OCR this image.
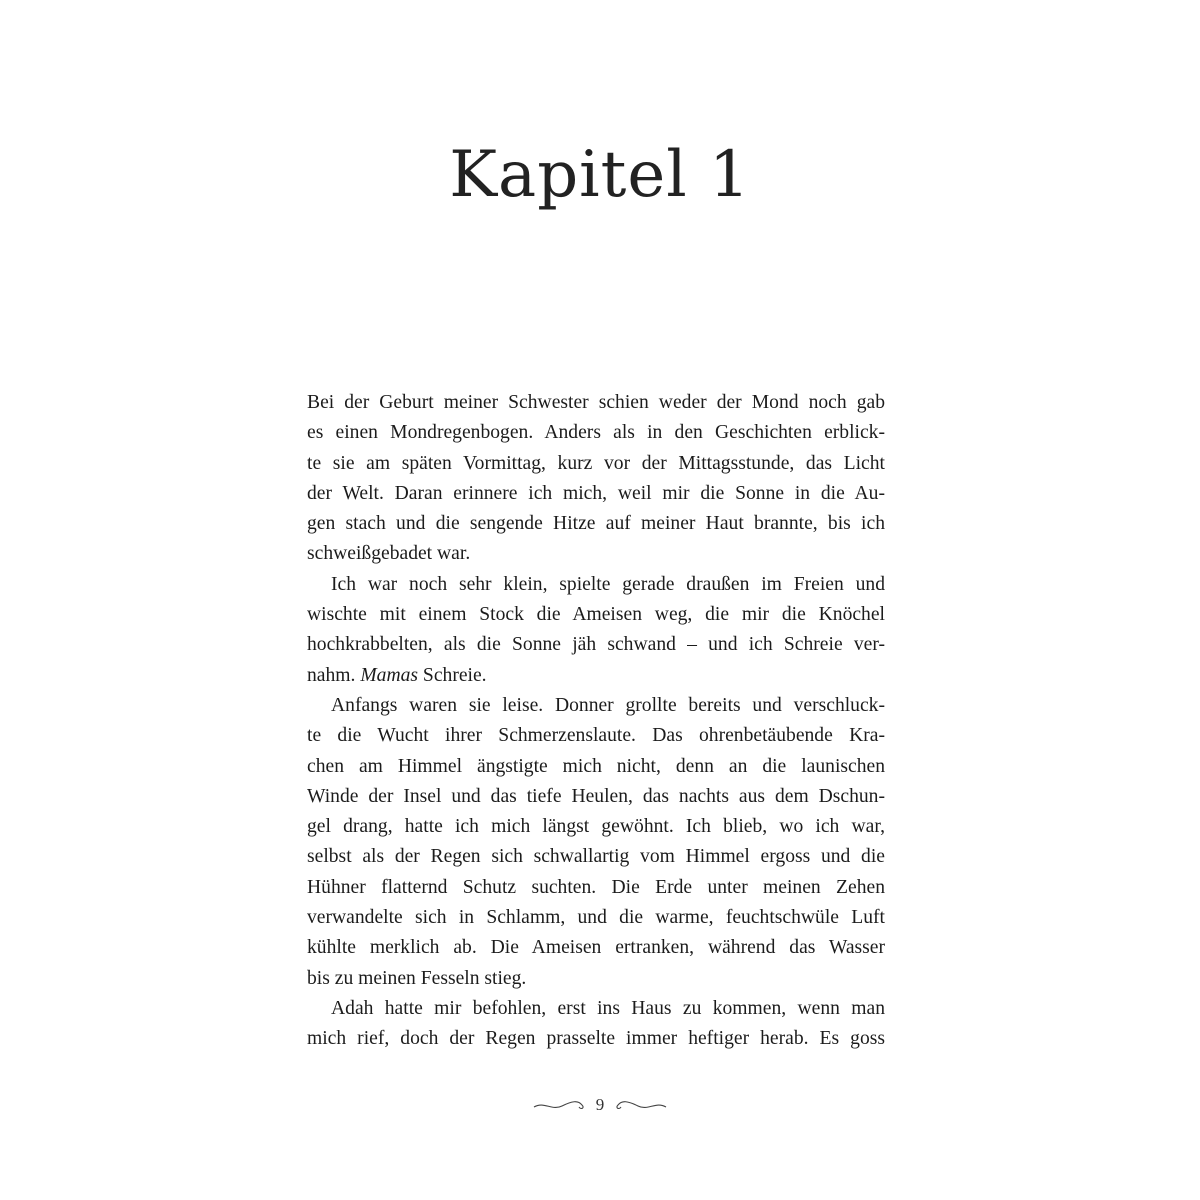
Kapitel 1
Bei der Geburt meiner Schwester schien weder der Mond noch gab
es einen Mondregenbogen. Anders als in den Geschichten erblick-
te sie am späten Vormittag, kurz vor der Mittagsstunde, das Licht
der Welt. Daran erinnere ich mich, weil mir die Sonne in die Au-
gen stach und die sengende Hitze auf meiner Haut brannte, bis ich
schweißgebadet war.
Ich war noch sehr klein, spielte gerade draußen im Freien und
wischte mit einem Stock die Ameisen weg, die mir die Knöchel
hochkrabbelten, als die Sonne jäh schwand – und ich Schreie ver-
nahm. Mamas Schreie.
Anfangs waren sie leise. Donner grollte bereits und verschluck-
te die Wucht ihrer Schmerzenslaute. Das ohrenbetäubende Kra-
chen am Himmel ängstigte mich nicht, denn an die launischen
Winde der Insel und das tiefe Heulen, das nachts aus dem Dschun-
gel drang, hatte ich mich längst gewöhnt. Ich blieb, wo ich war,
selbst als der Regen sich schwallartig vom Himmel ergoss und die
Hühner flatternd Schutz suchten. Die Erde unter meinen Zehen
verwandelte sich in Schlamm, und die warme, feuchtschwüle Luft
kühlte merklich ab. Die Ameisen ertranken, während das Wasser
bis zu meinen Fesseln stieg.
Adah hatte mir befohlen, erst ins Haus zu kommen, wenn man
mich rief, doch der Regen prasselte immer heftiger herab. Es goss
9
